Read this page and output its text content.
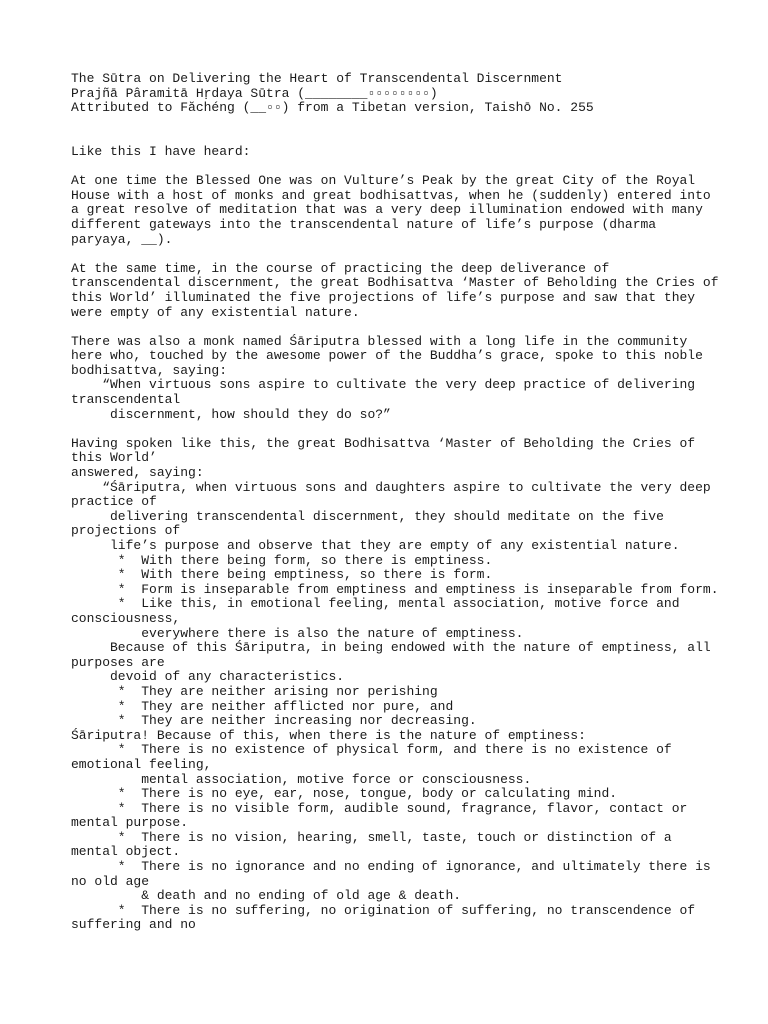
The Sūtra on Delivering the Heart of Transcendental Discernment
Prajñā Pâramitā Hṛdaya Sūtra (________▫▫▫▫▫▫▫▫)
Attributed to Făchéng (__▫▫) from a Tibetan version, Taishō No. 255
Like this I have heard:
At one time the Blessed One was on Vulture’s Peak by the great City of the Royal
House with a host of monks and great bodhisattvas, when he (suddenly) entered into
a great resolve of meditation that was a very deep illumination endowed with many
different gateways into the transcendental nature of life’s purpose (dharma
paryaya, __).
At the same time, in the course of practicing the deep deliverance of
transcendental discernment, the great Bodhisattva ‘Master of Beholding the Cries of
this World’ illuminated the five projections of life’s purpose and saw that they
were empty of any existential nature.
There was also a monk named Śāriputra blessed with a long life in the community
here who, touched by the awesome power of the Buddha’s grace, spoke to this noble
bodhisattva, saying:
“When virtuous sons aspire to cultivate the very deep practice of delivering
transcendental
discernment, how should they do so?”
Having spoken like this, the great Bodhisattva ‘Master of Beholding the Cries of
this World’
answered, saying:
“Śāriputra, when virtuous sons and daughters aspire to cultivate the very deep
practice of
delivering transcendental discernment, they should meditate on the five
projections of
life’s purpose and observe that they are empty of any existential nature.
*  With there being form, so there is emptiness.
*  With there being emptiness, so there is form.
*  Form is inseparable from emptiness and emptiness is inseparable from form.
*  Like this, in emotional feeling, mental association, motive force and
consciousness,
everywhere there is also the nature of emptiness.
Because of this Śāriputra, in being endowed with the nature of emptiness, all
purposes are
devoid of any characteristics.
*  They are neither arising nor perishing
*  They are neither afflicted nor pure, and
*  They are neither increasing nor decreasing.
Śāriputra! Because of this, when there is the nature of emptiness:
*  There is no existence of physical form, and there is no existence of
emotional feeling,
mental association, motive force or consciousness.
*  There is no eye, ear, nose, tongue, body or calculating mind.
*  There is no visible form, audible sound, fragrance, flavor, contact or
mental purpose.
*  There is no vision, hearing, smell, taste, touch or distinction of a
mental object.
*  There is no ignorance and no ending of ignorance, and ultimately there is
no old age
& death and no ending of old age & death.
*  There is no suffering, no origination of suffering, no transcendence of
suffering and no
